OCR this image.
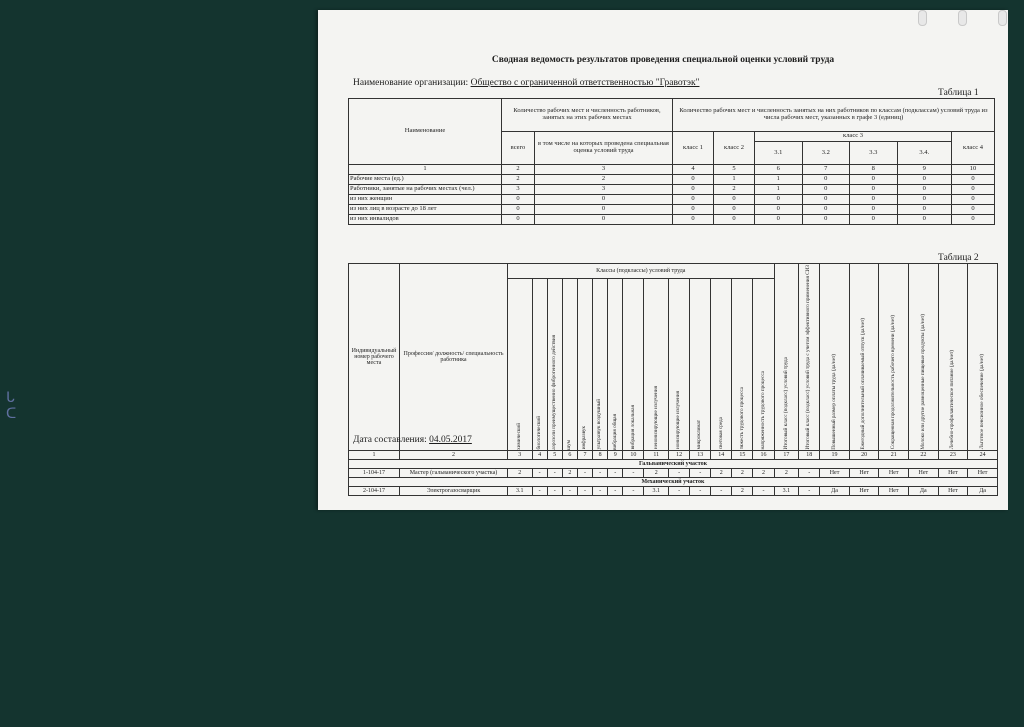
ᒐ
ᑕ
Сводная ведомость результатов проведения специальной оценки условий труда
Наименование организации: Общество с ограниченной ответственностью "Гравотэк"
Таблица 1
Наименование	Количество рабочих мест и численность работников, занятых на этих рабочих местах		Количество рабочих мест и численность занятых на них работников по классам (подклассам) условий труда из числа рабочих мест, указанных в графе 3 (единиц)						
	всего	в том числе на которых проведена специальная оценка условий труда	класс 1	класс 2	класс 3				класс 4
					3.1	3.2	3.3	3.4.	
1	2	3	4	5	6	7	8	9	10
Рабочие места (ед.)	2	2	0	1	1	0	0	0	0
Работники, занятые на рабочих местах (чел.)	3	3	0	2	1	0	0	0	0
из них женщин	0	0	0	0	0	0	0	0	0
из них лиц в возрасте до 18 лет	0	0	0	0	0	0	0	0	0
из них инвалидов	0	0	0	0	0	0	0	0	0
Таблица 2
Индивидуальный номер рабочего места	Профессия/ должность/ специальность работника	Классы (подклассы) условий труда														Итоговый класс (подкласс) условий труда	Итоговый класс (подкласс) условий труда с учетом эффективного применения СИЗ	Повышенный размер оплаты труда (да/нет)	Ежегодный дополнительный оплачиваемый отпуск (да/нет)	Сокращенная продолжительность рабочего времени (да/нет)	Молоко или другие равноценные пищевые продукты (да/нет)	Лечебно-профилактическое питание (да/нет)	Льготное пенсионное обеспечение (да/нет)

		химический	биологический	аэрозоли преимущественно фиброгенного действия	шум	инфразвук	ультразвук воздушный	вибрация общая	вибрация локальная	неионизирующие излучения	ионизирующие излучения	микроклимат	световая среда	тяжесть трудового процесса	напряженность трудового процесса								

1	2	3	4	5	6	7	8	9	10	11	12	13	14	15	16	17	18	19	20	21	22	23	24
Гальванический участок																							
1-104-17	Мастер (гальванического участка)	2	-	-	2	-	-	-	-	2	-	-	2	2	2	2	-	Нет	Нет	Нет	Нет	Нет	Нет
Механический участок																							
2-104-17	Электрогазосварщик	3.1	-	-	-	-	-	-	-	3.1	-	-	-	2	-	3.1	-	Да	Нет	Нет	Да	Нет	Да
Дата составления: 04.05.2017
